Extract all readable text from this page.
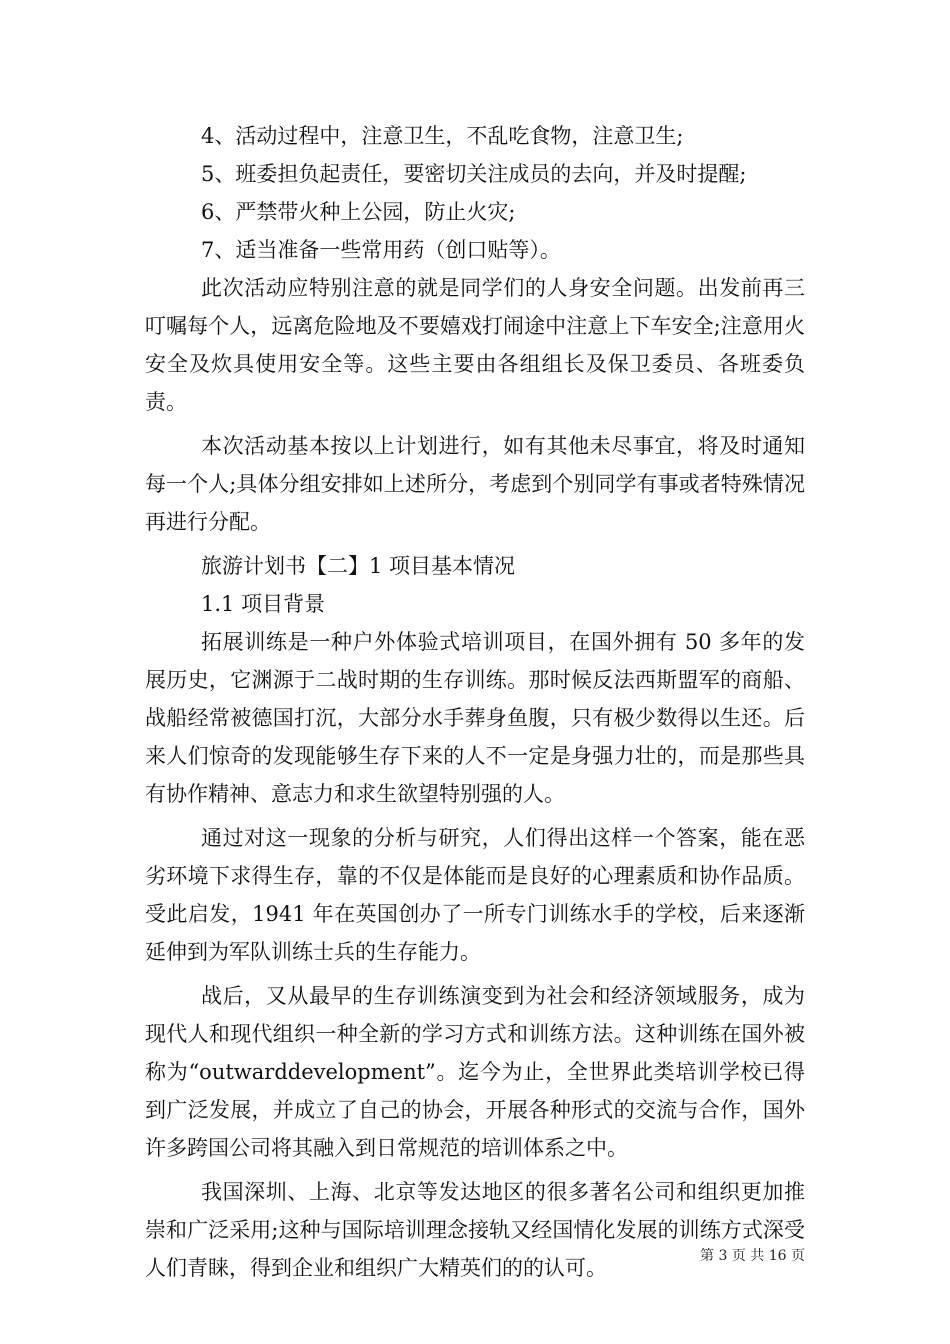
4、活动过程中，注意卫生，不乱吃食物，注意卫生;

5、班委担负起责任，要密切关注成员的去向，并及时提醒;

6、严禁带火种上公园，防止火灾;

7、适当准备一些常用药（创口贴等）。

此次活动应特别注意的就是同学们的人身安全问题。出发前再三叮嘱每个人，远离危险地及不要嬉戏打闹途中注意上下车安全;注意用火安全及炊具使用安全等。这些主要由各组组长及保卫委员、各班委负责。

本次活动基本按以上计划进行，如有其他未尽事宜，将及时通知每一个人;具体分组安排如上述所分，考虑到个别同学有事或者特殊情况再进行分配。

旅游计划书【二】1 项目基本情况

1.1 项目背景

拓展训练是一种户外体验式培训项目，在国外拥有 50 多年的发展历史，它渊源于二战时期的生存训练。那时候反法西斯盟军的商船、战船经常被德国打沉，大部分水手葬身鱼腹，只有极少数得以生还。后来人们惊奇的发现能够生存下来的人不一定是身强力壮的，而是那些具有协作精神、意志力和求生欲望特别强的人。

通过对这一现象的分析与研究，人们得出这样一个答案，能在恶劣环境下求得生存，靠的不仅是体能而是良好的心理素质和协作品质。受此启发，1941 年在英国创办了一所专门训练水手的学校，后来逐渐延伸到为军队训练士兵的生存能力。

战后，又从最早的生存训练演变到为社会和经济领域服务，成为现代人和现代组织一种全新的学习方式和训练方法。这种训练在国外被称为“outwarddevelopment”。迄今为止，全世界此类培训学校已得到广泛发展，并成立了自己的协会，开展各种形式的交流与合作，国外许多跨国公司将其融入到日常规范的培训体系之中。

我国深圳、上海、北京等发达地区的很多著名公司和组织更加推崇和广泛采用;这种与国际培训理念接轨又经国情化发展的训练方式深受人们青睐，得到企业和组织广大精英们的的认可。	第 3 页 共 16 页
